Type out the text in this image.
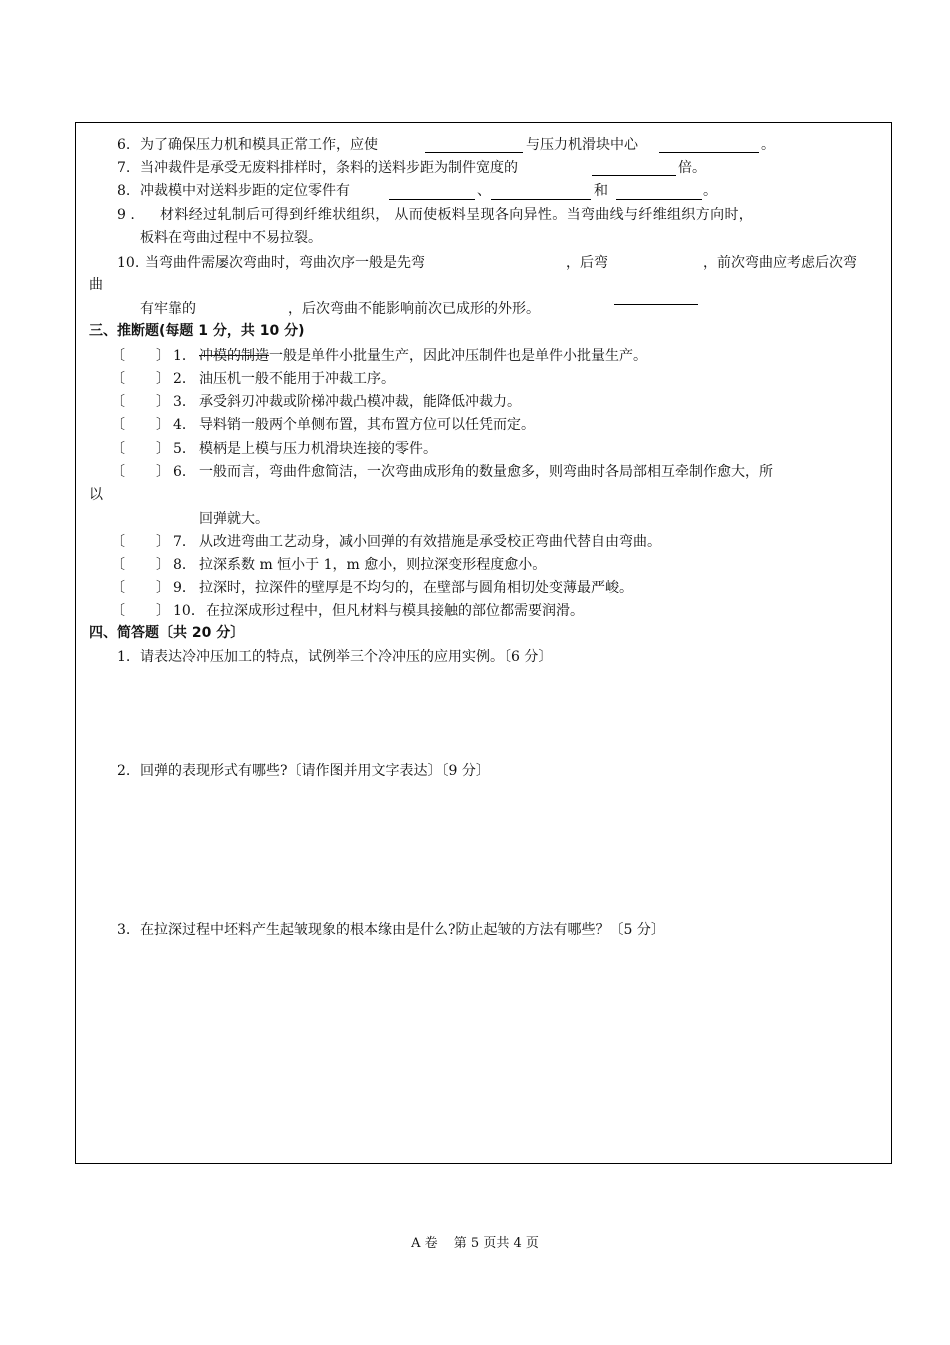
6. 为了确保压力机和模具正常工作，应使	与压力机滑块中心	。
7. 当冲裁件是承受无废料排样时，条料的送料步距为制件宽度的	倍。
8. 冲裁模中对送料步距的定位零件有	、	和	。
9 . 材料经过轧制后可得到纤维状组织， 从而使板料呈现各向异性。当弯曲线与纤维组织方向时，
板料在弯曲过程中不易拉裂。
10. 当弯曲件需屡次弯曲时，弯曲次序一般是先弯	，后弯	，前次弯曲应考虑后次弯
曲
有牢靠的	，后次弯曲不能影响前次已成形的外形。
三、推断题(每题 1 分，共 10 分)
〔 〕 1． 冲模的制造一般是单件小批量生产，因此冲压制件也是单件小批量生产。
〔 〕 2． 油压机一般不能用于冲裁工序。
〔 〕 3． 承受斜刃冲裁或阶梯冲裁凸模冲裁，能降低冲裁力。
〔 〕 4． 导料销一般两个单侧布置，其布置方位可以任凭而定。
〔 〕 5． 模柄是上模与压力机滑块连接的零件。
〔 〕 6． 一般而言，弯曲件愈简洁，一次弯曲成形角的数量愈多，则弯曲时各局部相互牵制作愈大，所
以
回弹就大。
〔 〕 7． 从改进弯曲工艺动身，减小回弹的有效措施是承受校正弯曲代替自由弯曲。
〔 〕 8． 拉深系数 m 恒小于 1，m 愈小，则拉深变形程度愈小。
〔 〕 9． 拉深时，拉深件的壁厚是不均匀的，在壁部与圆角相切处变薄最严峻。
〔 〕 10． 在拉深成形过程中，但凡材料与模具接触的部位都需要润滑。
四、简答题〔共 20 分〕
1. 请表达冷冲压加工的特点，试例举三个冷冲压的应用实例。〔6 分〕
2. 回弹的表现形式有哪些?〔请作图并用文字表达〕〔9 分〕
3. 在拉深过程中坯料产生起皱现象的根本缘由是什么?防止起皱的方法有哪些？〔5 分〕
A 卷 第 5 页共 4 页
